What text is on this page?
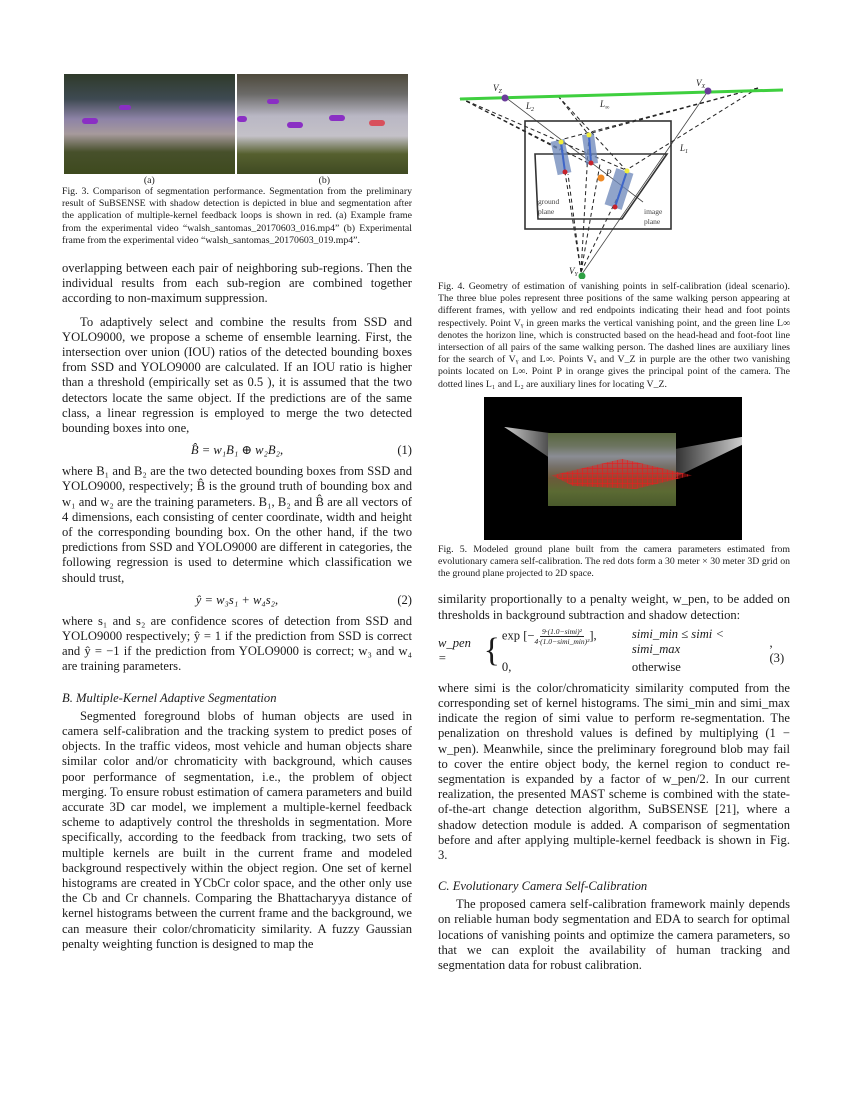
(a)	(b)

Fig. 3. Comparison of segmentation performance. Segmentation from the preliminary result of SuBSENSE with shadow detection is depicted in blue and segmentation after the application of multiple-kernel feedback loops is shown in red. (a) Example frame from the experimental video “walsh_santomas_20170603_016.mp4” (b) Experimental frame from the experimental video “walsh_santomas_20170603_019.mp4”.

overlapping between each pair of neighboring sub-regions. Then the individual results from each sub-region are combined together according to non-maximum suppression.

To adaptively select and combine the results from SSD and YOLO9000, we propose a scheme of ensemble learning. First, the intersection over union (IOU) ratios of the detected bounding boxes from SSD and YOLO9000 are calculated. If an IOU ratio is higher than a threshold (empirically set as 0.5 ), it is assumed that the two detectors locate the same object. If the predictions are of the same class, a linear regression is employed to merge the two detected bounding boxes into one,

B̂ = w₁B₁ ⊕ w₂B₂,	(1)

where B₁ and B₂ are the two detected bounding boxes from SSD and YOLO9000, respectively; B̂ is the ground truth of bounding box and w₁ and w₂ are the training parameters. B₁, B₂ and B̂ are all vectors of 4 dimensions, each consisting of center coordinate, width and height of the corresponding bounding box. On the other hand, if the two predictions from SSD and YOLO9000 are different in categories, the following regression is used to determine which classification we should trust,

ŷ = w₃s₁ + w₄s₂,	(2)

where s₁ and s₂ are confidence scores of detection from SSD and YOLO9000 respectively; ŷ = 1 if the prediction from SSD is correct and ŷ = −1 if the prediction from YOLO9000 is correct; w₃ and w₄ are training parameters.

B. Multiple-Kernel Adaptive Segmentation

Segmented foreground blobs of human objects are used in camera self-calibration and the tracking system to predict poses of objects. In the traffic videos, most vehicle and human objects share similar color and/or chromaticity with background, which causes poor performance of segmentation, i.e., the problem of object merging. To ensure robust estimation of camera parameters and build accurate 3D car model, we implement a multiple-kernel feedback scheme to adaptively control the thresholds in segmentation. More specifically, according to the feedback from tracking, two sets of multiple kernels are built in the current frame and modeled background respectively within the object region. One set of kernel histograms are created in YCbCr color space, and the other only use the Cb and Cr channels. Comparing the Bhattacharyya distance of kernel histograms between the current frame and the background, we can measure their color/chromaticity similarity. A fuzzy Gaussian penalty weighting function is designed to map the

$V_Z$
$V_X$
$V_Y$
$L_2$
$L_1$
$L_\infty$
P
ground
plane	image
plane

Fig. 4. Geometry of estimation of vanishing points in self-calibration (ideal scenario). The three blue poles represent three positions of the same walking person appearing at different frames, with yellow and red endpoints indicating their head and foot points respectively. Point Vᵧ in green marks the vertical vanishing point, and the green line L∞ denotes the horizon line, which is constructed based on the head-head and foot-foot line intersection of all pairs of the same walking person. The dashed lines are auxiliary lines for the search of Vᵧ and L∞. Points Vₓ and V_Z in purple are the other two vanishing points located on L∞. Point P in orange gives the principal point of the camera. The dotted lines L₁ and L₂ are auxiliary lines for locating V_Z.

Fig. 5. Modeled ground plane built from the camera parameters estimated from evolutionary camera self-calibration. The red dots form a 30 meter × 30 meter 3D grid on the ground plane projected to 2D space.

similarity proportionally to a penalty weight, w_pen, to be added on thresholds in background subtraction and shadow detection:

w_pen =	{ exp [− $\frac{\text{9·(1.0−simi)²}}{\text{4·(1.0−simi\_min)²}}$ ],	simi_min ≤ simi < simi_max
0,	otherwise
, (3)

where simi is the color/chromaticity similarity computed from the corresponding set of kernel histograms. The simi_min and simi_max indicate the region of simi value to perform re-segmentation. The penalization on threshold values is defined by multiplying (1 − w_pen). Meanwhile, since the preliminary foreground blob may fail to cover the entire object body, the kernel region to conduct re-segmentation is expanded by a factor of w_pen/2. In our current realization, the presented MAST scheme is combined with the state-of-the-art change detection algorithm, SuBSENSE [21], where a shadow detection module is added. A comparison of segmentation before and after applying multiple-kernel feedback is shown in Fig. 3.

C. Evolutionary Camera Self-Calibration

The proposed camera self-calibration framework mainly depends on reliable human body segmentation and EDA to search for optimal locations of vanishing points and optimize the camera parameters, so that we can exploit the availability of human tracking and segmentation data for robust calibration.
